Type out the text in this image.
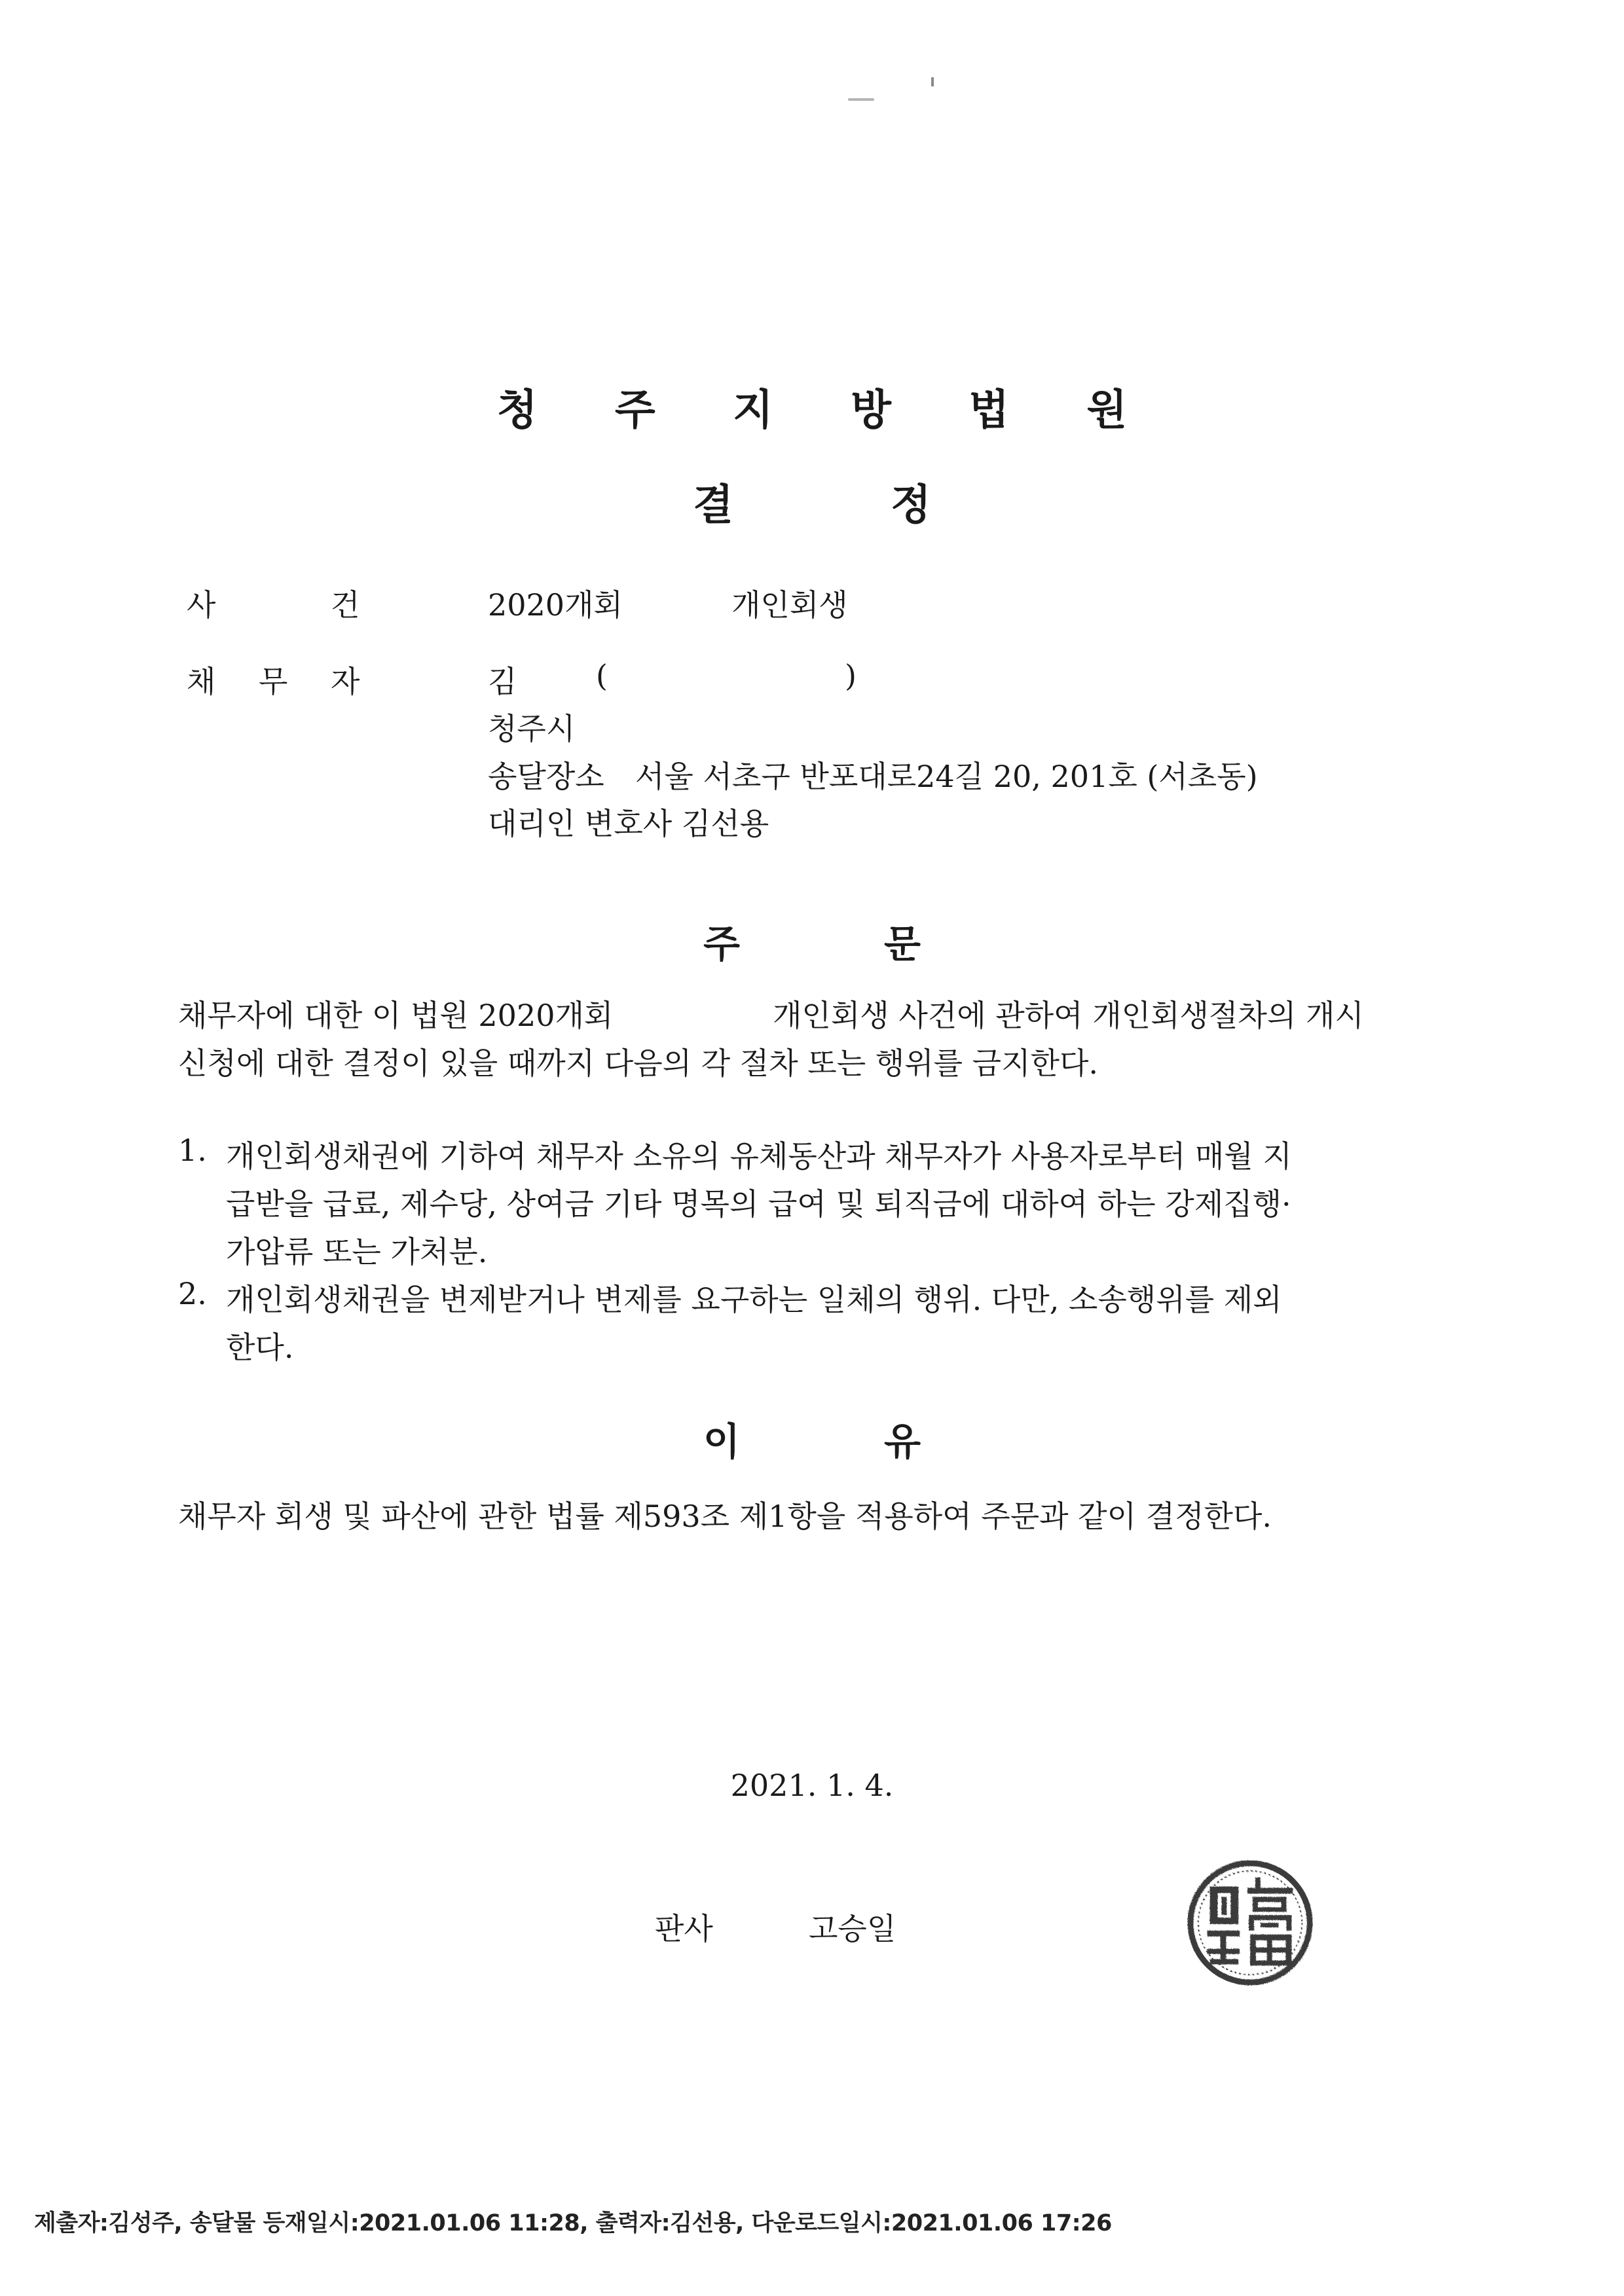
청 주 지 방 법 원
결	정
사	건	2020개회	개인회생
채 무 자	김	(	)
청주시
송달장소 서울 서초구 반포대로24길 20, 201호 (서초동)
대리인 변호사 김선용
주	문
채무자에 대한 이 법원 2020개회	개인회생 사건에 관하여 개인회생절차의 개시
신청에 대한 결정이 있을 때까지 다음의 각 절차 또는 행위를 금지한다.
1. 개인회생채권에 기하여 채무자 소유의 유체동산과 채무자가 사용자로부터 매월 지
급받을 급료, 제수당, 상여금 기타 명목의 급여 및 퇴직금에 대하여 하는 강제집행·
가압류 또는 가처분.
2. 개인회생채권을 변제받거나 변제를 요구하는 일체의 행위. 다만, 소송행위를 제외
한다.
이	유
채무자 회생 및 파산에 관한 법률 제593조 제1항을 적용하여 주문과 같이 결정한다.
2021. 1. 4.
판사	고승일
제출자:김성주, 송달물 등재일시:2021.01.06 11:28, 출력자:김선용, 다운로드일시:2021.01.06 17:26
